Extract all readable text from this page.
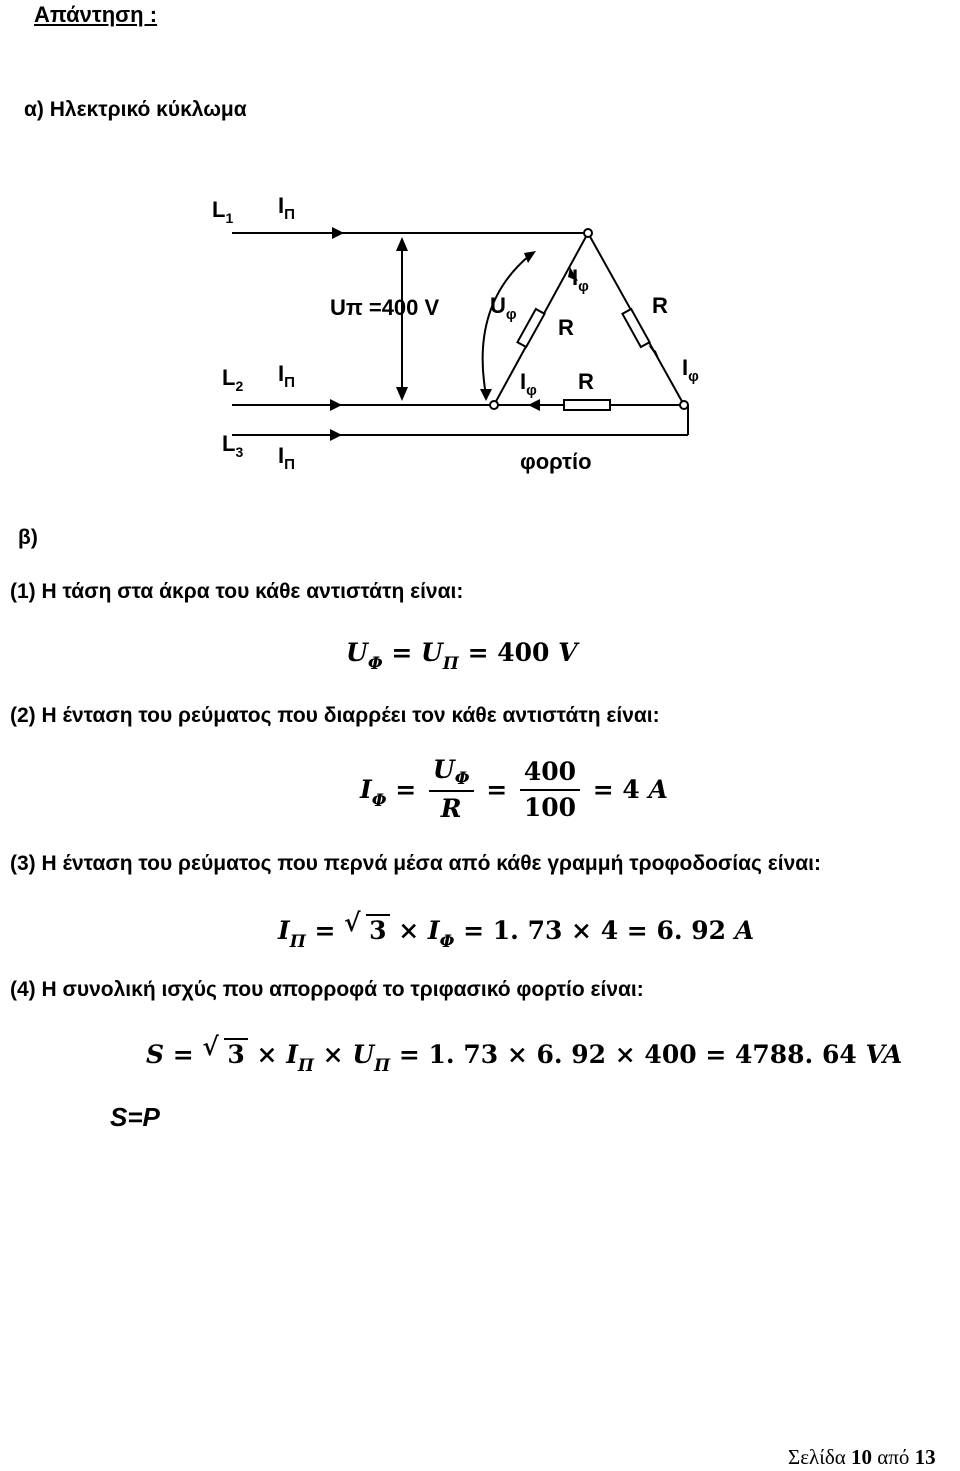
Απάντηση :
α) Ηλεκτρικό κύκλωμα
$L_1$
$L_2$
$L_3$
$I_\Pi$
$I_\Pi$
$I_\Pi$
Uπ =400 V $U_\varphi$
$I_\varphi$
R
R
$I_\varphi$
$I_\varphi$ R
φορτίο
β)
(1) Η τάση στα άκρα του κάθε αντιστάτη είναι:
$U_\Phi = U_\Pi = 400$ V
(2) Η ένταση του ρεύματος που διαρρέει τον κάθε αντιστάτη είναι:
$I_\Phi = \frac{U_\Phi}{R} = \frac{400}{100} = 4$ A
(3) Η ένταση του ρεύματος που περνά μέσα από κάθε γραμμή τροφοδοσίας είναι:
$I_\Pi$ = √ $3 \times I_\Phi = 1$. 73 × 4 = 6. 92 A
(4) Η συνολική ισχύς που απορροφά το τριφασικό φορτίο είναι:
S = √ $3 \times I_\Pi \times U_\Pi = 1$. 73 × 6. 92 × 400 = 4788. 64 VA
S=P
Σελίδα 10 από 13
